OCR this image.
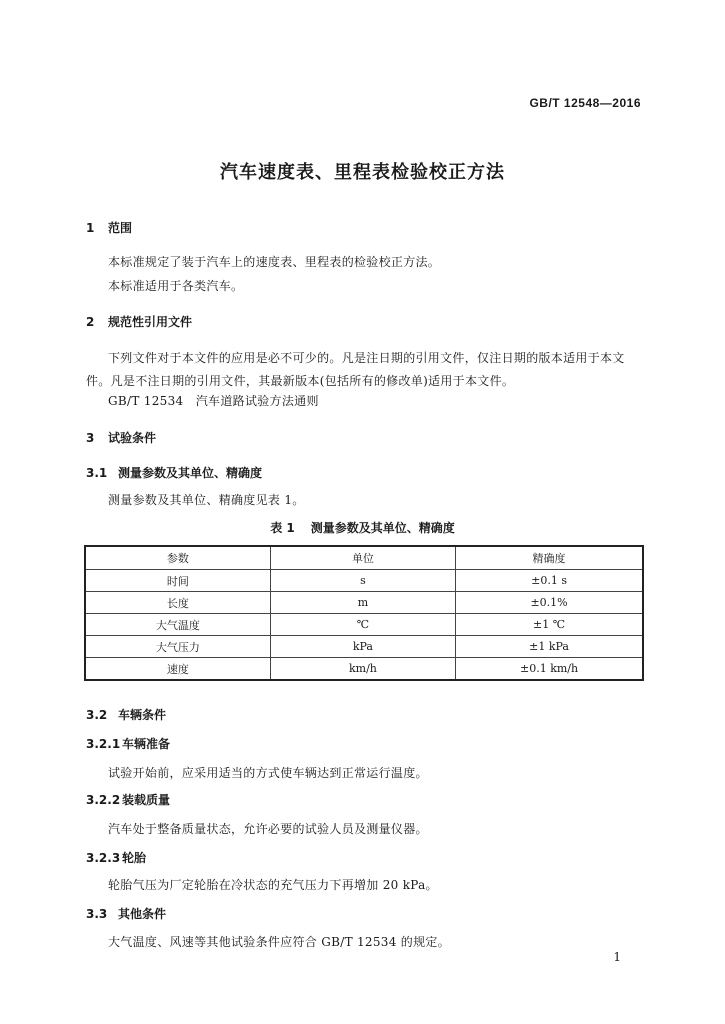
GB/T 12548—2016
汽车速度表、里程表检验校正方法
1 范围
本标准规定了装于汽车上的速度表、里程表的检验校正方法。
本标准适用于各类汽车。
2 规范性引用文件
下列文件对于本文件的应用是必不可少的。凡是注日期的引用文件，仅注日期的版本适用于本文
件。凡是不注日期的引用文件，其最新版本(包括所有的修改单)适用于本文件。
GB/T 12534　汽车道路试验方法通则
3 试验条件
3.1 测量参数及其单位、精确度
测量参数及其单位、精确度见表 1。
表 1 测量参数及其单位、精确度
参数	单位	精确度
时间	s	±0.1 s
长度	m	±0.1%
大气温度	℃	±1 ℃
大气压力	kPa	±1 kPa
速度	km/h	±0.1 km/h
3.2 车辆条件
3.2.1 车辆准备
试验开始前，应采用适当的方式使车辆达到正常运行温度。
3.2.2 装载质量
汽车处于整备质量状态，允许必要的试验人员及测量仪器。
3.2.3 轮胎
轮胎气压为厂定轮胎在冷状态的充气压力下再增加 20 kPa。
3.3 其他条件
大气温度、风速等其他试验条件应符合 GB/T 12534 的规定。
1
